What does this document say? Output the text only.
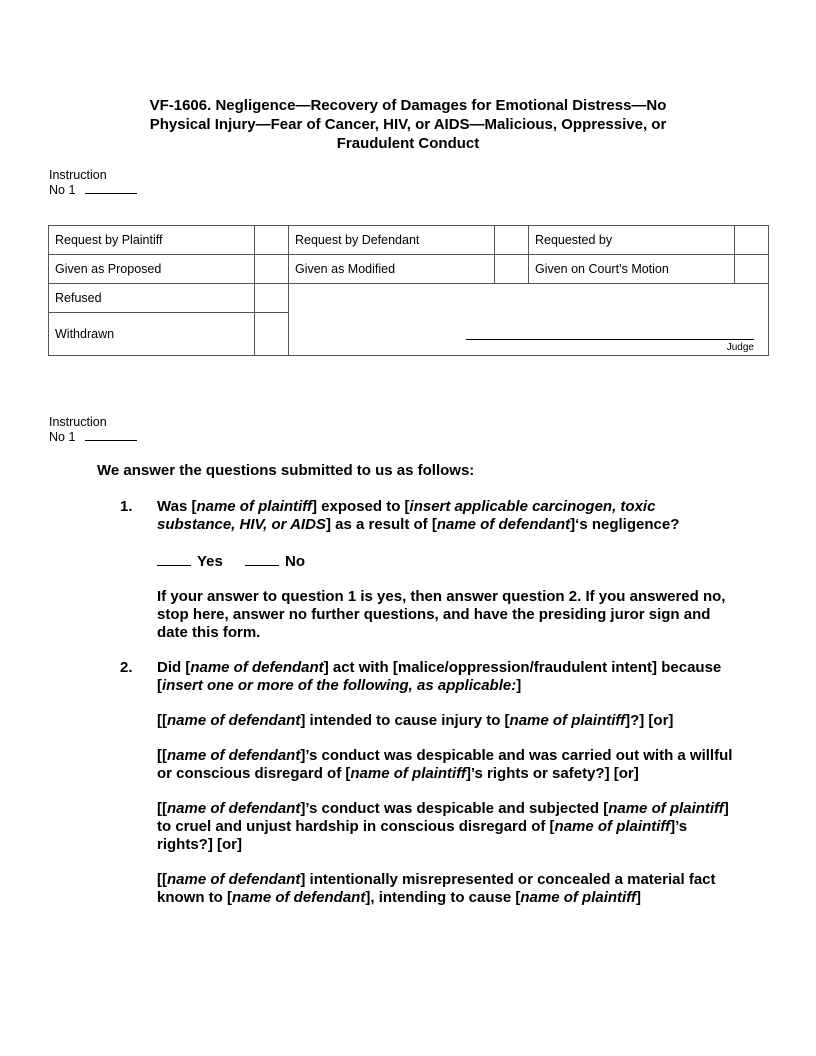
VF-1606. Negligence—Recovery of Damages for Emotional Distress—No
Physical Injury—Fear of Cancer, HIV, or AIDS—Malicious, Oppressive, or
Fraudulent Conduct
Instruction
No 1
Request by Plaintiff		Request by Defendant		Requested by	
Given as Proposed		Given as Modified		Given on Court’s Motion	
Refused		Judge			

Withdrawn					
Instruction
No 1

We answer the questions submitted to us as follows:

1. Was [name of plaintiff] exposed to [insert applicable carcinogen, toxic substance, HIV, or AIDS] as a result of [name of defendant]‘s negligence?

Yes	No

If your answer to question 1 is yes, then answer question 2. If you answered no, stop here, answer no further questions, and have the presiding juror sign and date this form.

2. Did [name of defendant] act with [malice/oppression/fraudulent intent] because [insert one or more of the following, as applicable:]

[[name of defendant] intended to cause injury to [name of plaintiff]?] [or]

[[name of defendant]’s conduct was despicable and was carried out with a willful or conscious disregard of [name of plaintiff]’s rights or safety?] [or]

[[name of defendant]’s conduct was despicable and subjected [name of plaintiff] to cruel and unjust hardship in conscious disregard of [name of plaintiff]’s rights?] [or]

[[name of defendant] intentionally misrepresented or concealed a material fact known to [name of defendant], intending to cause [name of plaintiff]
